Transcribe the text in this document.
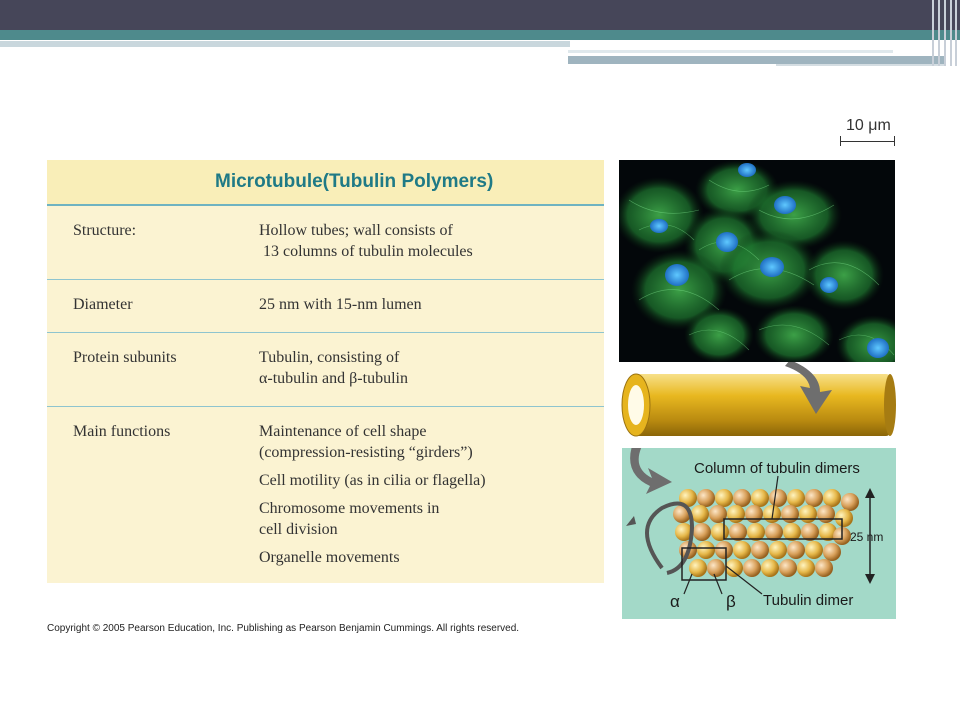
Microtubule(Tubulin Polymers)
Structure:	Hollow tubes; wall consists of
13 columns of tubulin molecules
Diameter	25 nm with 15-nm lumen
Protein subunits	Tubulin, consisting of
α-tubulin and β-tubulin
Main functions	Maintenance of cell shape
(compression-resisting “girders”)
Cell motility (as in cilia or flagella)
Chromosome movements in
cell division
Organelle movements
Copyright © 2005 Pearson Education, Inc. Publishing as Pearson Benjamin Cummings. All rights reserved.
10 μm
Column of tubulin dimers
25 nm
α	β Tubulin dimer
